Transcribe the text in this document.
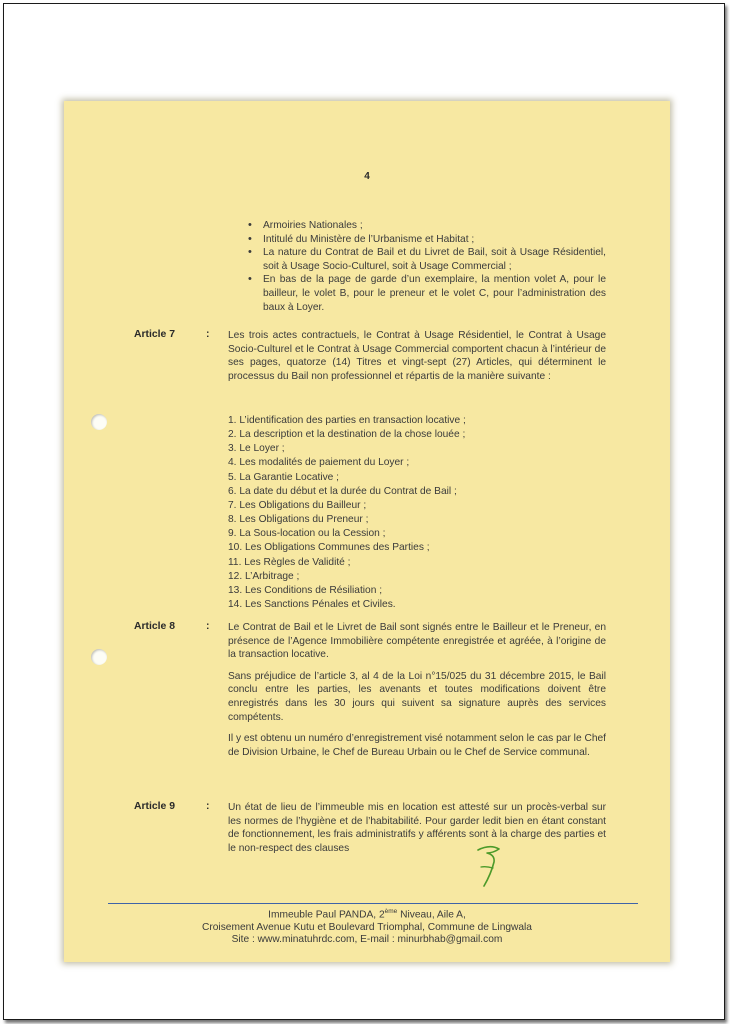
4
• Armoiries Nationales ;
• Intitulé du Ministère de l’Urbanisme et Habitat ;
• La nature du Contrat de Bail et du Livret de Bail, soit à Usage Résidentiel, soit à Usage Socio-Culturel, soit à Usage Commercial ;
• En bas de la page de garde d’un exemplaire, la mention volet A, pour le bailleur, le volet B, pour le preneur et le volet C, pour l’administration des baux à Loyer.
Article 7	: Les trois actes contractuels, le Contrat à Usage Résidentiel, le Contrat à Usage Socio-Culturel et le Contrat à Usage Commercial comportent chacun à l’intérieur de ses pages, quatorze (14) Titres et vingt-sept (27) Articles, qui déterminent le processus du Bail non professionnel et répartis de la manière suivante :

1. L’identification des parties en transaction locative ;
2. La description et la destination de la chose louée ;
3. Le Loyer ;
4. Les modalités de paiement du Loyer ;
5. La Garantie Locative ;
6. La date du début et la durée du Contrat de Bail ;
7. Les Obligations du Bailleur ;
8. Les Obligations du Preneur ;
9. La Sous-location ou la Cession ;
10. Les Obligations Communes des Parties ;
11. Les Règles de Validité ;
12. L’Arbitrage ;
13. Les Conditions de Résiliation ;
14. Les Sanctions Pénales et Civiles.
Article 8	: Le Contrat de Bail et le Livret de Bail sont signés entre le Bailleur et le Preneur, en présence de l’Agence Immobilière compétente enregistrée et agréée, à l’origine de la transaction locative.

Sans préjudice de l’article 3, al 4 de la Loi n°15/025 du 31 décembre 2015, le Bail conclu entre les parties, les avenants et toutes modifications doivent être enregistrés dans les 30 jours qui suivent sa signature auprès des services compétents.

Il y est obtenu un numéro d’enregistrement visé notamment selon le cas par le Chef de Division Urbaine, le Chef de Bureau Urbain ou le Chef de Service communal.

Article 9	: Un état de lieu de l’immeuble mis en location est attesté sur un procès-verbal sur les normes de l’hygiène et de l’habitabilité. Pour garder ledit bien en étant constant de fonctionnement, les frais administratifs y afférents sont à la charge des parties et le non-respect des clauses

Immeuble Paul PANDA, 2ème Niveau, Aile A,
Croisement Avenue Kutu et Boulevard Triomphal, Commune de Lingwala
Site : www.minatuhrdc.com, E-mail : minurbhab@gmail.com
